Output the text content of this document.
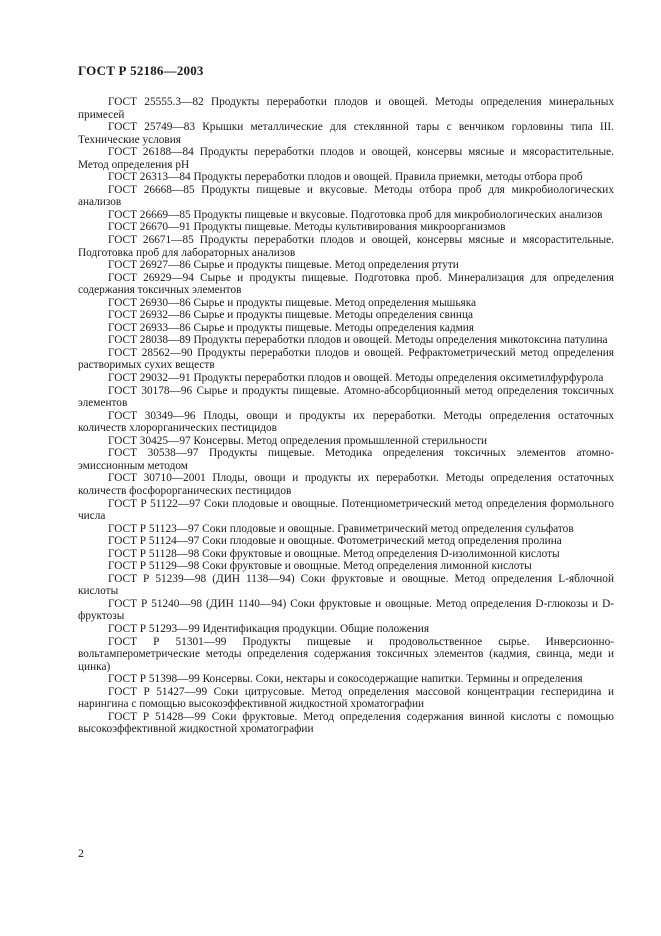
ГОСТ Р 52186—2003

ГОСТ 25555.3—82 Продукты переработки плодов и овощей. Методы определения минеральных примесей

ГОСТ 25749—83 Крышки металлические для стеклянной тары с венчиком горловины типа III. Технические условия

ГОСТ 26188—84 Продукты переработки плодов и овощей, консервы мясные и мясорастительные. Метод определения рН

ГОСТ 26313—84 Продукты переработки плодов и овощей. Правила приемки, методы отбора проб

ГОСТ 26668—85 Продукты пищевые и вкусовые. Методы отбора проб для микробиологических анализов

ГОСТ 26669—85 Продукты пищевые и вкусовые. Подготовка проб для микробиологических анализов

ГОСТ 26670—91 Продукты пищевые. Методы культивирования микроорганизмов

ГОСТ 26671—85 Продукты переработки плодов и овощей, консервы мясные и мясорастительные. Подготовка проб для лабораторных анализов

ГОСТ 26927—86 Сырье и продукты пищевые. Метод определения ртути

ГОСТ 26929—94 Сырье и продукты пищевые. Подготовка проб. Минерализация для определения содержания токсичных элементов

ГОСТ 26930—86 Сырье и продукты пищевые. Метод определения мышьяка

ГОСТ 26932—86 Сырье и продукты пищевые. Методы определения свинца

ГОСТ 26933—86 Сырье и продукты пищевые. Методы определения кадмия

ГОСТ 28038—89 Продукты переработки плодов и овощей. Методы определения микотоксина патулина

ГОСТ 28562—90 Продукты переработки плодов и овощей. Рефрактометрический метод определения растворимых сухих веществ

ГОСТ 29032—91 Продукты переработки плодов и овощей. Методы определения оксиметилфурфурола

ГОСТ 30178—96 Сырье и продукты пищевые. Атомно-абсорбционный метод определения токсичных элементов

ГОСТ 30349—96 Плоды, овощи и продукты их переработки. Методы определения остаточных количеств хлорорганических пестицидов

ГОСТ 30425—97 Консервы. Метод определения промышленной стерильности

ГОСТ 30538—97 Продукты пищевые. Методика определения токсичных элементов атомно-эмиссионным методом

ГОСТ 30710—2001 Плоды, овощи и продукты их переработки. Методы определения остаточных количеств фосфорорганических пестицидов

ГОСТ Р 51122—97 Соки плодовые и овощные. Потенциометрический метод определения формольного числа

ГОСТ Р 51123—97 Соки плодовые и овощные. Гравиметрический метод определения сульфатов

ГОСТ Р 51124—97 Соки плодовые и овощные. Фотометрический метод определения пролина

ГОСТ Р 51128—98 Соки фруктовые и овощные. Метод определения D-изолимонной кислоты

ГОСТ Р 51129—98 Соки фруктовые и овощные. Метод определения лимонной кислоты

ГОСТ Р 51239—98 (ДИН 1138—94) Соки фруктовые и овощные. Метод определения L-яблочной кислоты

ГОСТ Р 51240—98 (ДИН 1140—94) Соки фруктовые и овощные. Метод определения D-глюкозы и D-фруктозы

ГОСТ Р 51293—99 Идентификация продукции. Общие положения

ГОСТ Р 51301—99 Продукты пищевые и продовольственное сырье. Инверсионно-вольтамперометрические методы определения содержания токсичных элементов (кадмия, свинца, меди и цинка)

ГОСТ Р 51398—99 Консервы. Соки, нектары и сокосодержащие напитки. Термины и определения

ГОСТ Р 51427—99 Соки цитрусовые. Метод определения массовой концентрации гесперидина и нарингина с помощью высокоэффективной жидкостной хроматографии

ГОСТ Р 51428—99 Соки фруктовые. Метод определения содержания винной кислоты с помощью высокоэффективной жидкостной хроматографии

2
